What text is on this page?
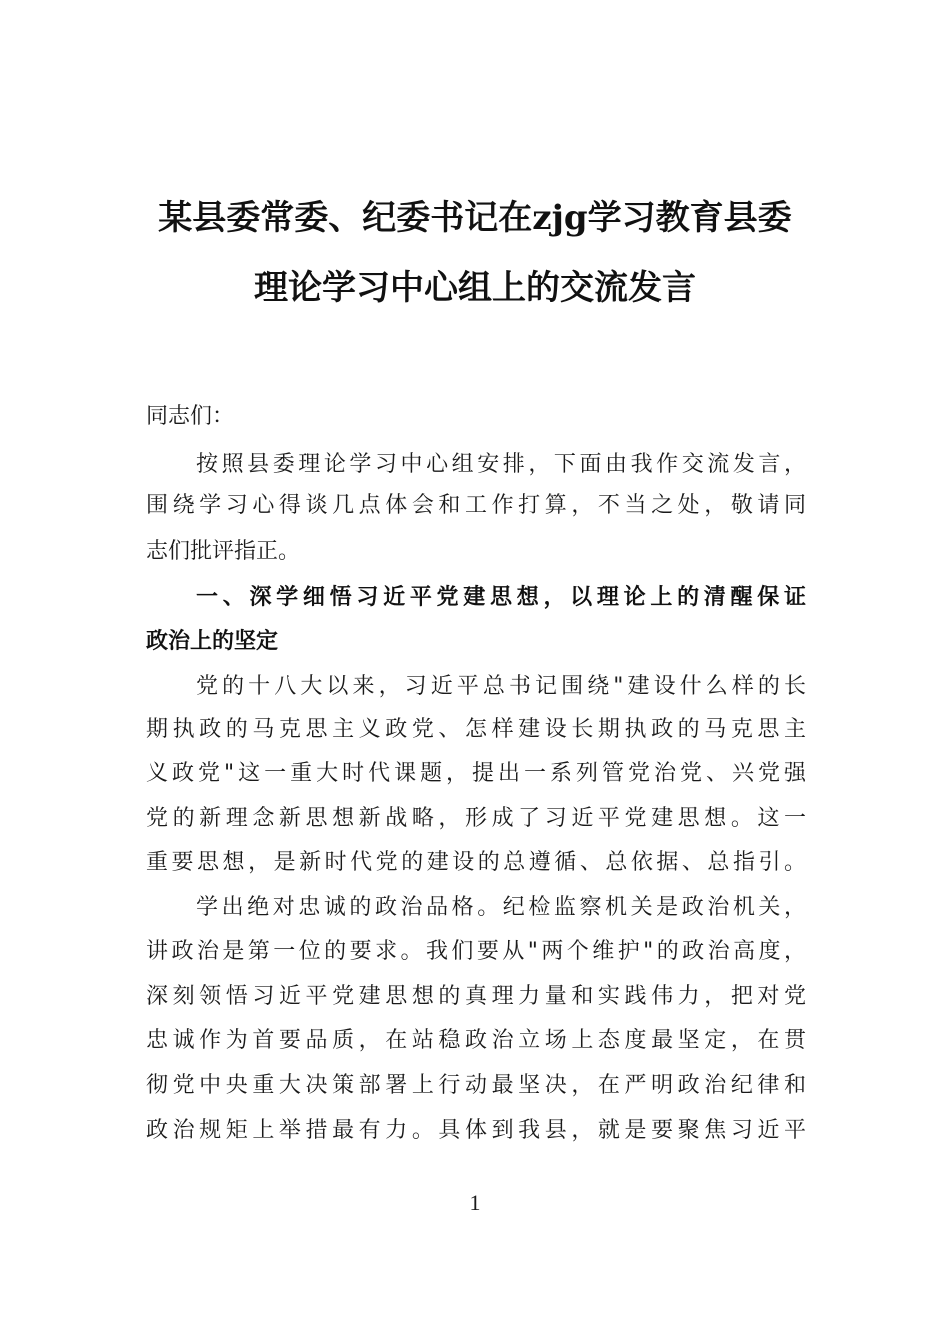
某县委常委、纪委书记在zjg学习教育县委
理论学习中心组上的交流发言
同志们：
按照县委理论学习中心组安排，下面由我作交流发言，
围绕学习心得谈几点体会和工作打算，不当之处，敬请同
志们批评指正。
一、深学细悟习近平党建思想，以理论上的清醒保证
政治上的坚定
党的十八大以来，习近平总书记围绕"建设什么样的长
期执政的马克思主义政党、怎样建设长期执政的马克思主
义政党"这一重大时代课题，提出一系列管党治党、兴党强
党的新理念新思想新战略，形成了习近平党建思想。这一
重要思想，是新时代党的建设的总遵循、总依据、总指引。
学出绝对忠诚的政治品格。纪检监察机关是政治机关，
讲政治是第一位的要求。我们要从"两个维护"的政治高度，
深刻领悟习近平党建思想的真理力量和实践伟力，把对党
忠诚作为首要品质，在站稳政治立场上态度最坚定，在贯
彻党中央重大决策部署上行动最坚决，在严明政治纪律和
政治规矩上举措最有力。具体到我县，就是要聚焦习近平
1
